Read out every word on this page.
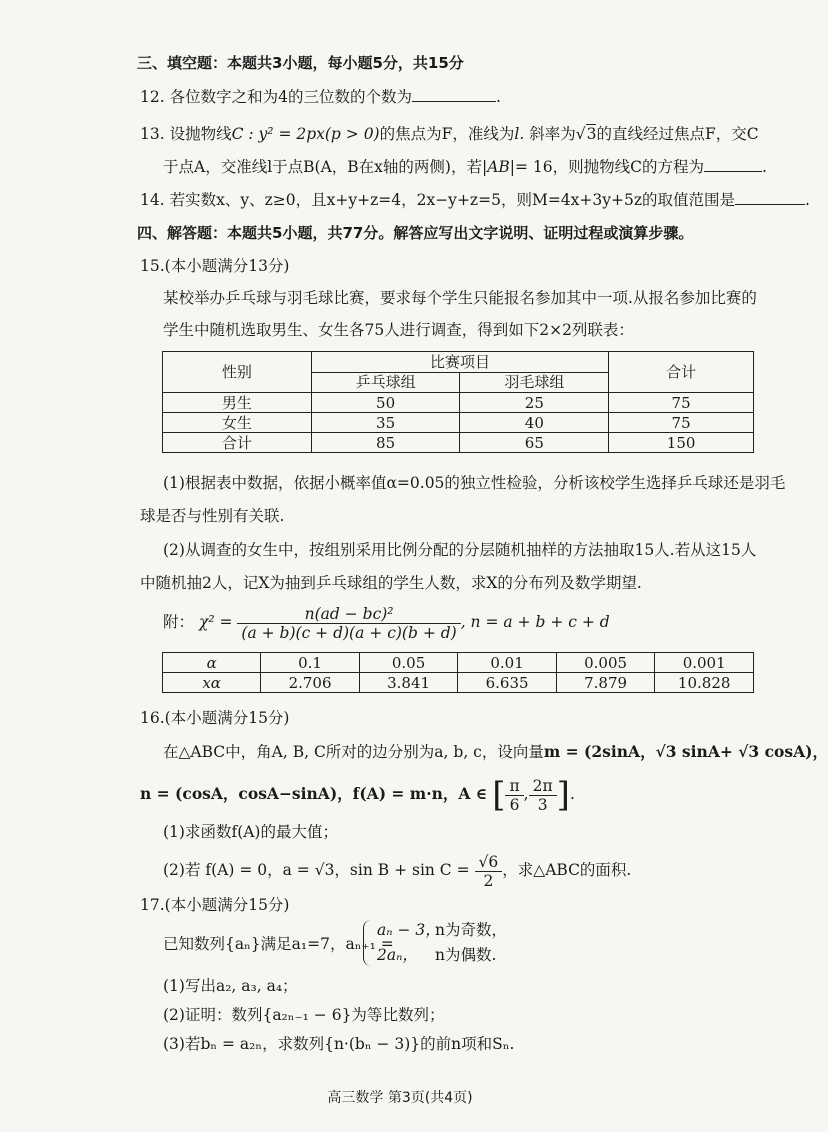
三、填空题：本题共3小题，每小题5分，共15分
12. 各位数字之和为4的三位数的个数为	.
13. 设抛物线C : y² = 2px(p > 0)的焦点为F，准线为l. 斜率为√3的直线经过焦点F，交C
于点A，交准线l于点B(A，B在x轴的两侧)，若|AB|= 16，则抛物线C的方程为	.
14. 若实数x、y、z≥0，且x+y+z=4，2x−y+z=5，则M=4x+3y+5z的取值范围是	.
四、解答题：本题共5小题，共77分。解答应写出文字说明、证明过程或演算步骤。
15.(本小题满分13分)
某校举办乒乓球与羽毛球比赛，要求每个学生只能报名参加其中一项.从报名参加比赛的
学生中随机选取男生、女生各75人进行调查，得到如下2×2列联表：
性别	比赛项目		合计
	乒乓球组	羽毛球组	
男生	50	25	75
女生	35	40	75
合计	85	65	150
(1)根据表中数据，依据小概率值α=0.05的独立性检验，分析该校学生选择乒乓球还是羽毛
球是否与性别有关联.
(2)从调查的女生中，按组别采用比例分配的分层随机抽样的方法抽取15人.若从这15人
中随机抽2人，记X为抽到乒乓球组的学生人数，求X的分布列及数学期望.
附： $\chi^2 = \frac{\text{n(ad − bc)²}}{(a + b)(c + d)(a + c)(b + d)}$ , n = a + b + c + d
α	0.1	0.05	0.01	0.005	0.001
xα	2.706	3.841	6.635	7.879	10.828
16.(本小题满分15分)
在△ABC中，角A, B, C所对的边分别为a, b, c，设向量m = (2sinA，√3 sinA+ √3 cosA)，
n = (cosA，cosA−sinA)，f(A) = m·n，A ∈ [ $\frac{\pi}{6}$ , $\frac{2\pi}{3}$ ].
(1)求函数f(A)的最大值；
(2)若 f(A) = 0，a = √3，$\sin B + \sin C = \frac{√6}{2}$ ，求△ABC的面积.
17.(本小题满分15分)
已知数列{aₙ}满足a₁=7，aₙ₊₁ =
aₙ − 3，n为奇数，
2aₙ， n为偶数.
(1)写出a₂, a₃, a₄；
(2)证明：数列{a₂ₙ₋₁ − 6}为等比数列；
(3)若bₙ = a₂ₙ，求数列{n·(bₙ − 3)}的前n项和Sₙ.
高三数学 第3页(共4页)
